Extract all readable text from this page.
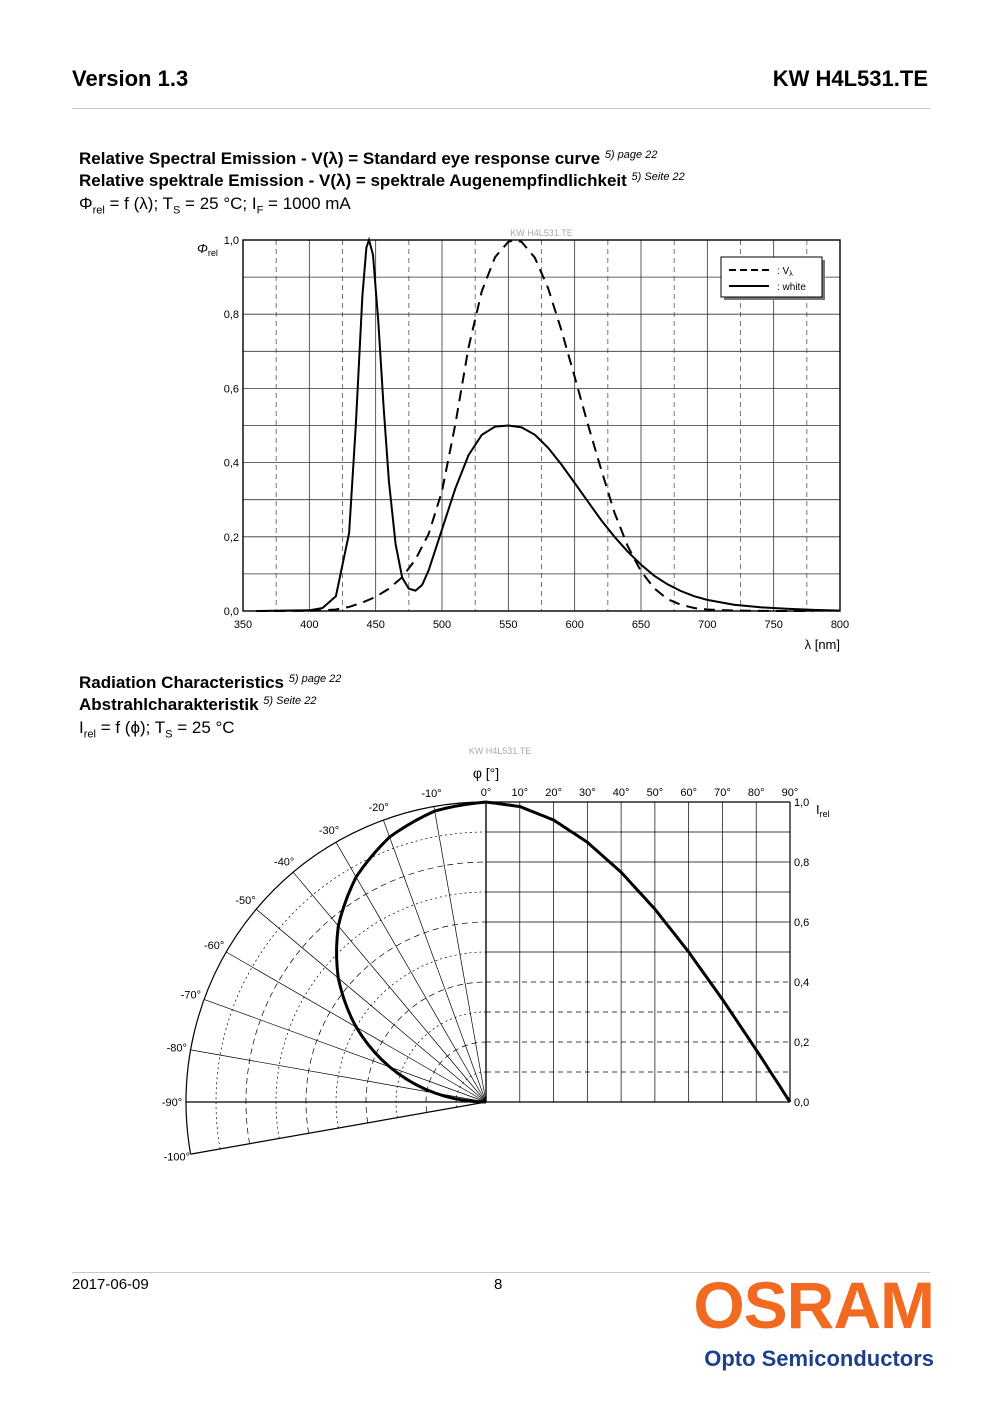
Version 1.3	KW H4L531.TE
Relative Spectral Emission - V(λ) = Standard eye response curve $^{5) page 22}$
Relative spektrale Emission - V(λ) = spektrale Augenempfindlichkeit $^{5) Seite 22}$
$\Phi_{rel} = f$ (λ); $T_S = 25$ °C; $I_F = 1000$ mA
KW H4L531.TE
350	400	450	500	550	600	650	700	750	800
0,0
0,2
0,4
0,6
0,8
1,0
λ [nm]
$\Phi_{rel}$
: $V_\lambda$
: white
Radiation Characteristics $^{5) page 22}$
Abstrahlcharakteristik $^{5) Seite 22}$
$I_{rel} = f$ (ϕ); $T_S = 25$ °C
KW H4L531.TE
φ [°]
-10°
-20°
-30°
-40°
-50°
-60°
-70°
-80°
-90°
-100°
0° 10° 20° 30° 40° 50° 60° 70° 80° 90°
0,0
0,2
0,4
0,6
0,8
1,0 $I_{rel}$
2017-06-09	8	OSRAM
Opto Semiconductors
